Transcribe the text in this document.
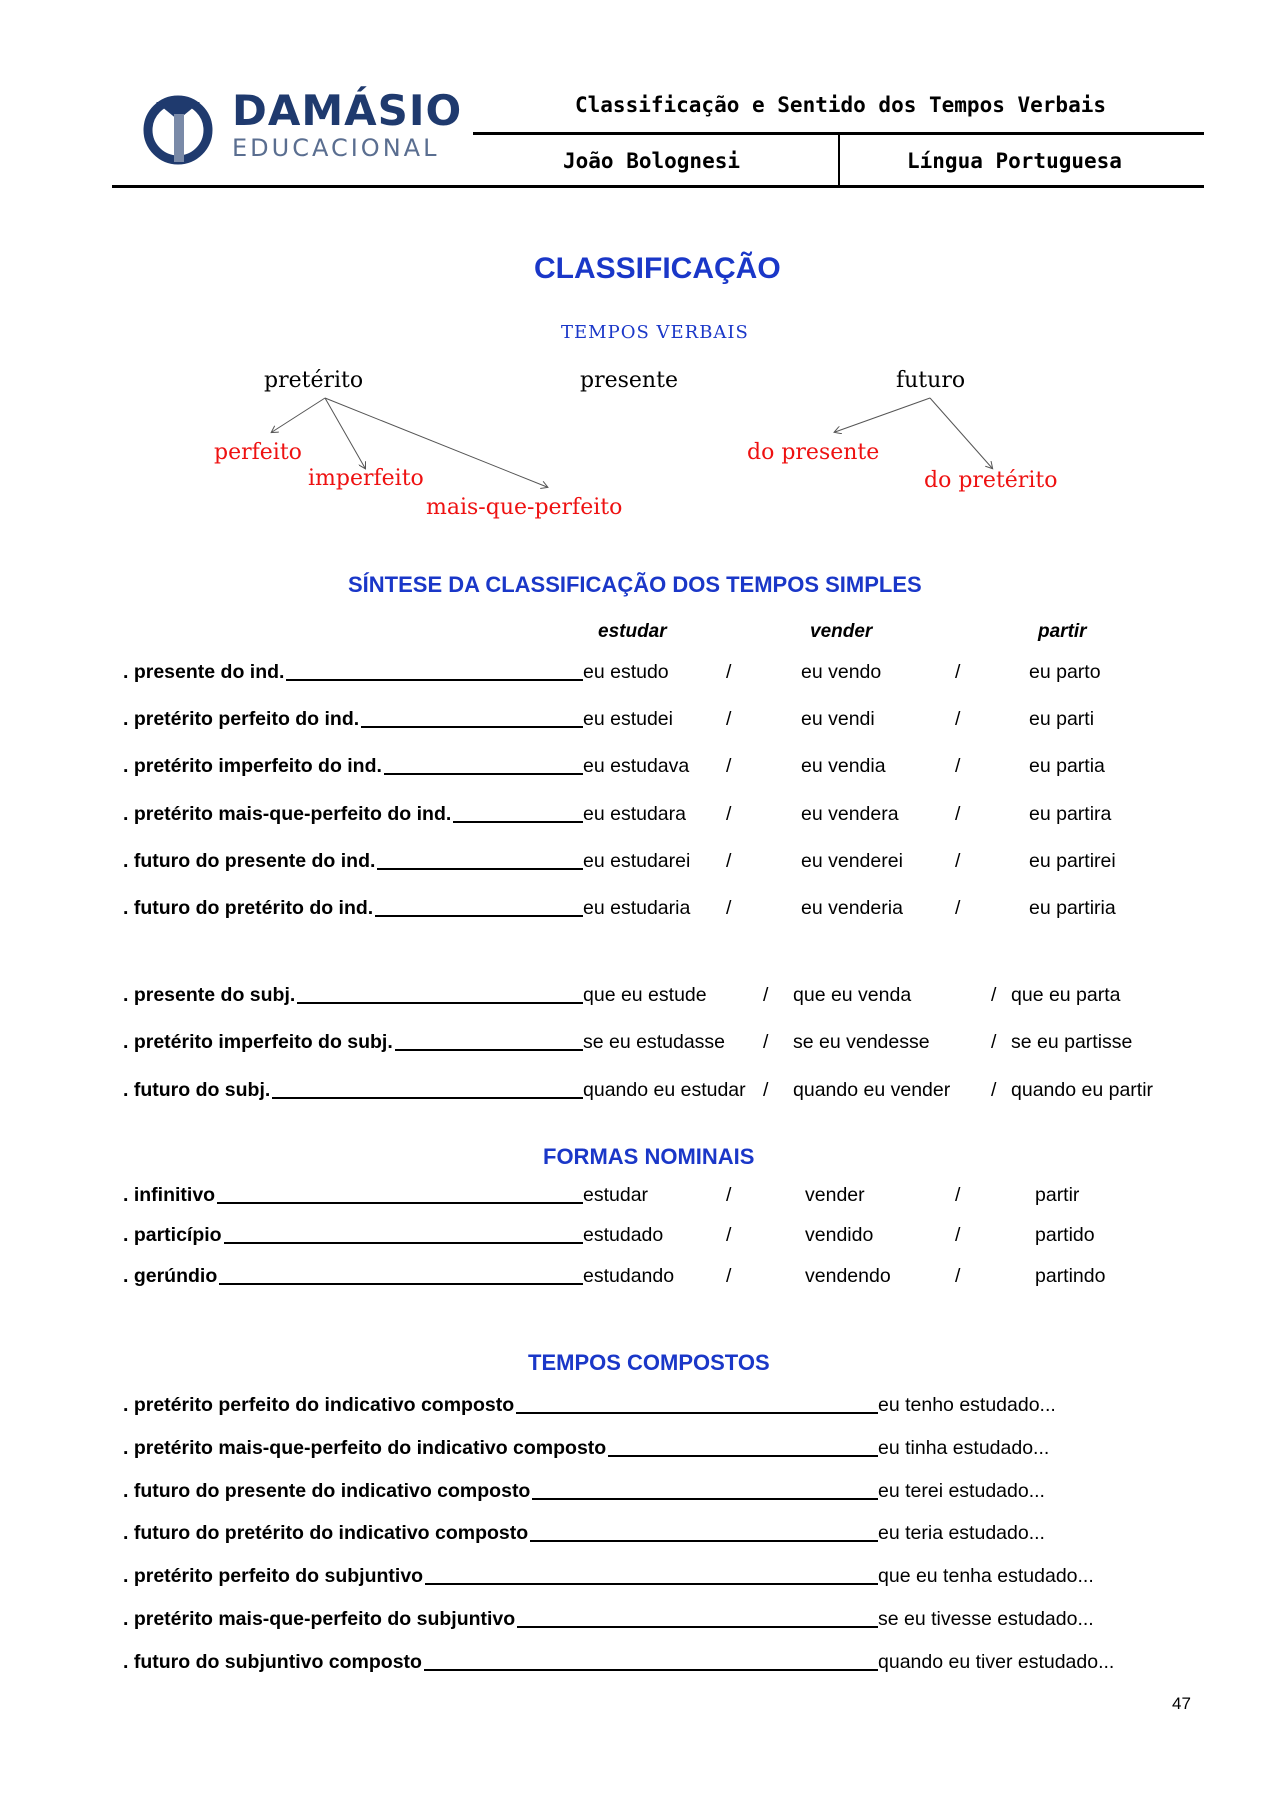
DAMÁSIO
EDUCACIONAL
Classificação e Sentido dos Tempos Verbais
João Bolognesi	Língua Portuguesa
CLASSIFICAÇÃO
TEMPOS VERBAIS
pretérito	presente	futuro
perfeito
imperfeito
mais-que-perfeito
do presente
do pretérito
SÍNTESE DA CLASSIFICAÇÃO DOS TEMPOS SIMPLES
estudar	vender	partir
. presente do ind.	eu estudo	/	eu vendo	/	eu parto
. pretérito perfeito do ind.	eu estudei	/	eu vendi	/	eu parti
. pretérito imperfeito do ind.	eu estudava /	eu vendia	/	eu partia
. pretérito mais-que-perfeito do ind.	eu estudara /	eu vendera	/	eu partira
. futuro do presente do ind.	eu estudarei /	eu venderei	/	eu partirei
. futuro do pretérito do ind.	eu estudaria /	eu venderia	/	eu partiria
. presente do subj.	que eu estude	/ que eu venda	/ que eu parta
. pretérito imperfeito do subj.	se eu estudasse / se eu vendesse	/ se eu partisse
. futuro do subj.	quando eu estudar / quando eu vender / quando eu partir
FORMAS NOMINAIS
. infinitivo	estudar	/	vender	/	partir
. particípio	estudado	/	vendido	/	partido
. gerúndio	estudando	/	vendendo	/	partindo
TEMPOS COMPOSTOS
. pretérito perfeito do indicativo composto	eu tenho estudado...
. pretérito mais-que-perfeito do indicativo composto	eu tinha estudado...
. futuro do presente do indicativo composto	eu terei estudado...
. futuro do pretérito do indicativo composto	eu teria estudado...
. pretérito perfeito do subjuntivo	que eu tenha estudado...
. pretérito mais-que-perfeito do subjuntivo	se eu tivesse estudado...
. futuro do subjuntivo composto	quando eu tiver estudado...
47
